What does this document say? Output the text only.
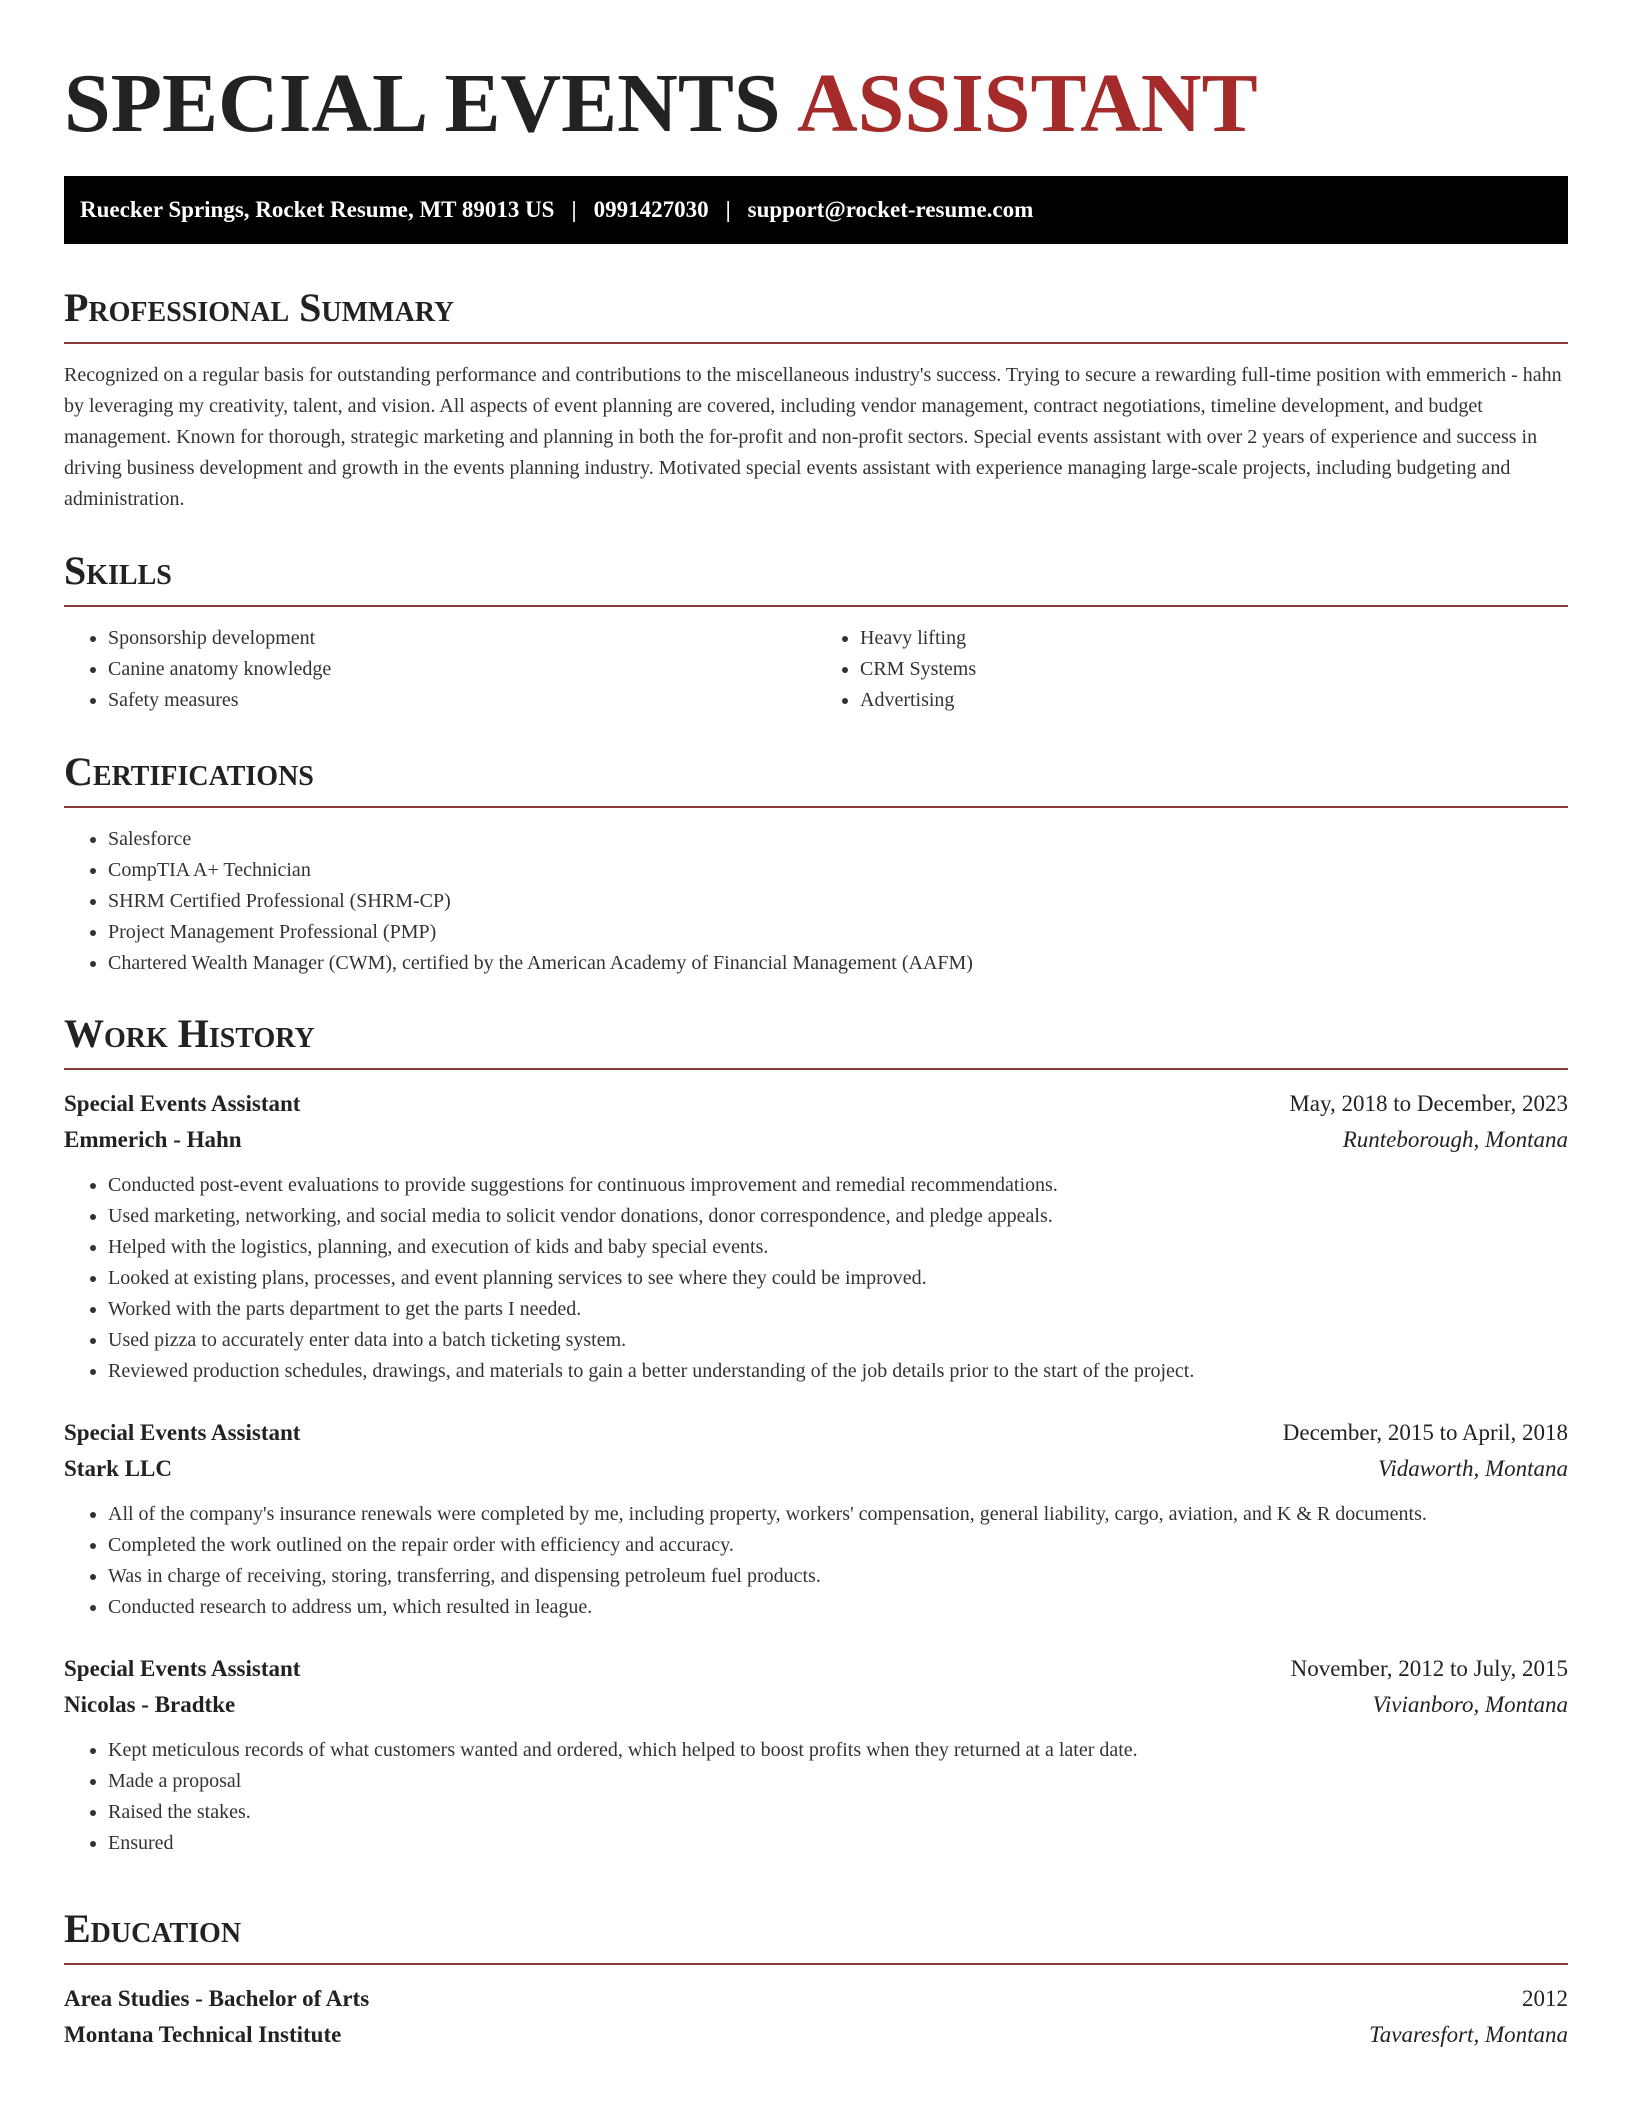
SPECIAL EVENTS ASSISTANT
Ruecker Springs, Rocket Resume, MT 89013 US | 0991427030 | support@rocket-resume.com
Professional Summary

Recognized on a regular basis for outstanding performance and contributions to the miscellaneous industry's success. Trying to secure a rewarding full-time position with emmerich - hahn by leveraging my creativity, talent, and vision. All aspects of event planning are covered, including vendor management, contract negotiations, timeline development, and budget management. Known for thorough, strategic marketing and planning in both the for-profit and non-profit sectors. Special events assistant with over 2 years of experience and success in driving business development and growth in the events planning industry. Motivated special events assistant with experience managing large-scale projects, including budgeting and administration.

Skills
• Sponsorship development
• Canine anatomy knowledge
• Safety measures
• Heavy lifting
• CRM Systems
• Advertising
Certifications
• Salesforce
• CompTIA A+ Technician
• SHRM Certified Professional (SHRM-CP)
• Project Management Professional (PMP)
• Chartered Wealth Manager (CWM), certified by the American Academy of Financial Management (AAFM)
Work History
Special Events Assistant	May, 2018 to December, 2023
Emmerich - Hahn	Runteborough, Montana
• Conducted post-event evaluations to provide suggestions for continuous improvement and remedial recommendations.
• Used marketing, networking, and social media to solicit vendor donations, donor correspondence, and pledge appeals.
• Helped with the logistics, planning, and execution of kids and baby special events.
• Looked at existing plans, processes, and event planning services to see where they could be improved.
• Worked with the parts department to get the parts I needed.
• Used pizza to accurately enter data into a batch ticketing system.
• Reviewed production schedules, drawings, and materials to gain a better understanding of the job details prior to the start of the project.
Special Events Assistant	December, 2015 to April, 2018
Stark LLC	Vidaworth, Montana
• All of the company's insurance renewals were completed by me, including property, workers' compensation, general liability, cargo, aviation, and K & R documents.
• Completed the work outlined on the repair order with efficiency and accuracy.
• Was in charge of receiving, storing, transferring, and dispensing petroleum fuel products.
• Conducted research to address um, which resulted in league.
Special Events Assistant	November, 2012 to July, 2015
Nicolas - Bradtke	Vivianboro, Montana
• Kept meticulous records of what customers wanted and ordered, which helped to boost profits when they returned at a later date.
• Made a proposal
• Raised the stakes.
• Ensured
Education
Area Studies - Bachelor of Arts	2012
Montana Technical Institute	Tavaresfort, Montana
